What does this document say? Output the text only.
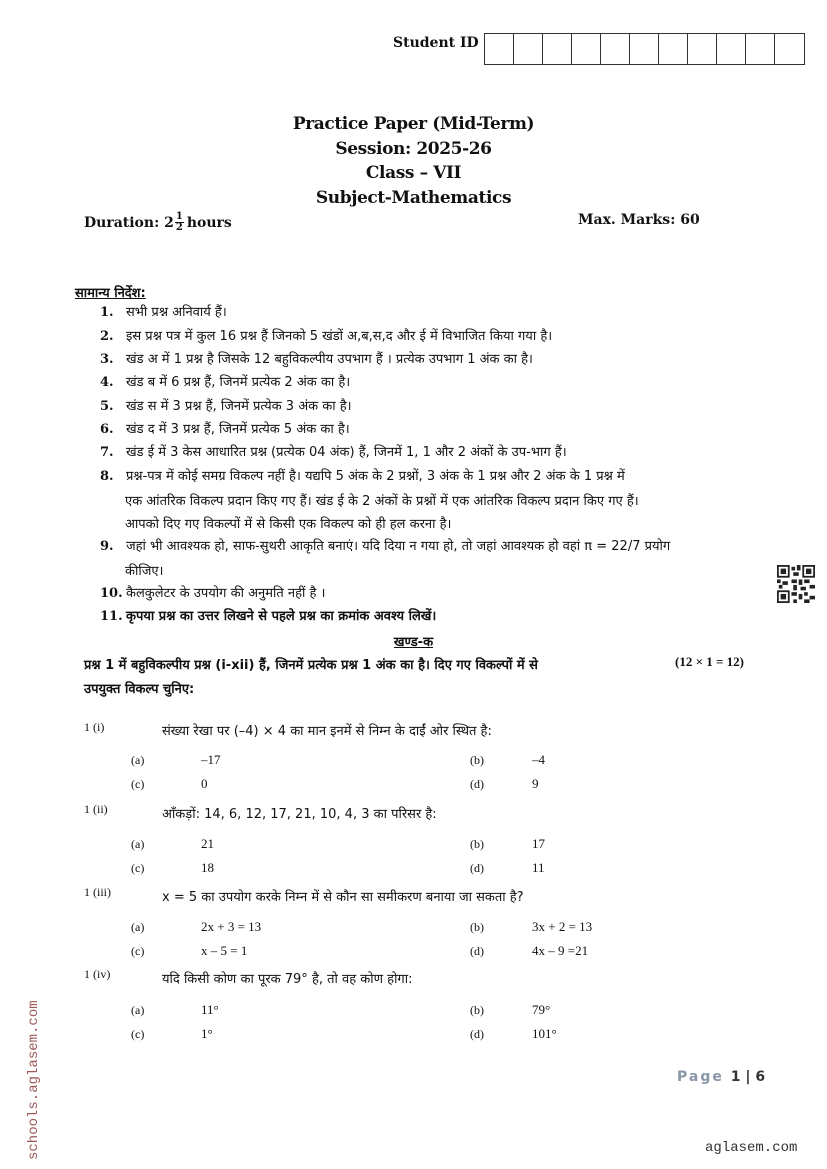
Student ID
Practice Paper (Mid-Term)
Session: 2025-26
Class – VII
Subject-Mathematics
Duration: $2 \frac{1}{2}$ hours	Max. Marks: 60
सामान्य निर्देश:
1. सभी प्रश्न अनिवार्य हैं।
2. इस प्रश्न पत्र में कुल 16 प्रश्न हैं जिनको 5 खंडों अ,ब,स,द और ई में विभाजित किया गया है।
3. खंड अ में 1 प्रश्न है जिसके 12 बहुविकल्पीय उपभाग हैं । प्रत्येक उपभाग 1 अंक का है।
4. खंड ब में 6 प्रश्न हैं, जिनमें प्रत्येक 2 अंक का है।
5. खंड स में 3 प्रश्न हैं, जिनमें प्रत्येक 3 अंक का है।
6. खंड द में 3 प्रश्न हैं, जिनमें प्रत्येक 5 अंक का है।
7. खंड ई में 3 केस आधारित प्रश्न (प्रत्येक 04 अंक) हैं, जिनमें 1, 1 और 2 अंकों के उप-भाग हैं।
8. प्रश्न-पत्र में कोई समग्र विकल्प नहीं है। यद्यपि 5 अंक के 2 प्रश्नों, 3 अंक के 1 प्रश्न और 2 अंक के 1 प्रश्न में
एक आंतरिक विकल्प प्रदान किए गए हैं। खंड ई के 2 अंकों के प्रश्नों में एक आंतरिक विकल्प प्रदान किए गए हैं।
आपको दिए गए विकल्पों में से किसी एक विकल्प को ही हल करना है।
9. जहां भी आवश्यक हो, साफ-सुथरी आकृति बनाएं। यदि दिया न गया हो, तो जहां आवश्यक हो वहां π = 22/7 प्रयोग
कीजिए।
10. कैलकुलेटर के उपयोग की अनुमति नहीं है ।
11. कृपया प्रश्न का उत्तर लिखने से पहले प्रश्न का क्रमांक अवश्य लिखें।
खण्ड-क
प्रश्न 1 में बहुविकल्पीय प्रश्न (i-xii) हैं, जिनमें प्रत्येक प्रश्न 1 अंक का है। दिए गए विकल्पों में से
उपयुक्त विकल्प चुनिए:
(12 × 1 = 12)
1 (i)	संख्या रेखा पर (–4) × 4 का मान इनमें से निम्न के दाईं ओर स्थित है:
(a)	–17	(b)	–4
(c)	0	(d)	9
1 (ii)	आँकड़ों: 14, 6, 12, 17, 21, 10, 4, 3 का परिसर है:
(a)	21	(b)	17
(c)	18	(d)	11
1 (iii)	x = 5 का उपयोग करके निम्न में से कौन सा समीकरण बनाया जा सकता है?
(a)	2x + 3 = 13	(b)	3x + 2 = 13
(c)	x – 5 = 1	(d)	4x – 9 =21
1 (iv)	यदि किसी कोण का पूरक 79° है, तो वह कोण होगा:
(a)	11°	(b)	79°
(c)	1°	(d)	101°
Page 1 | 6
aglasem.com
schools.aglasem.com
